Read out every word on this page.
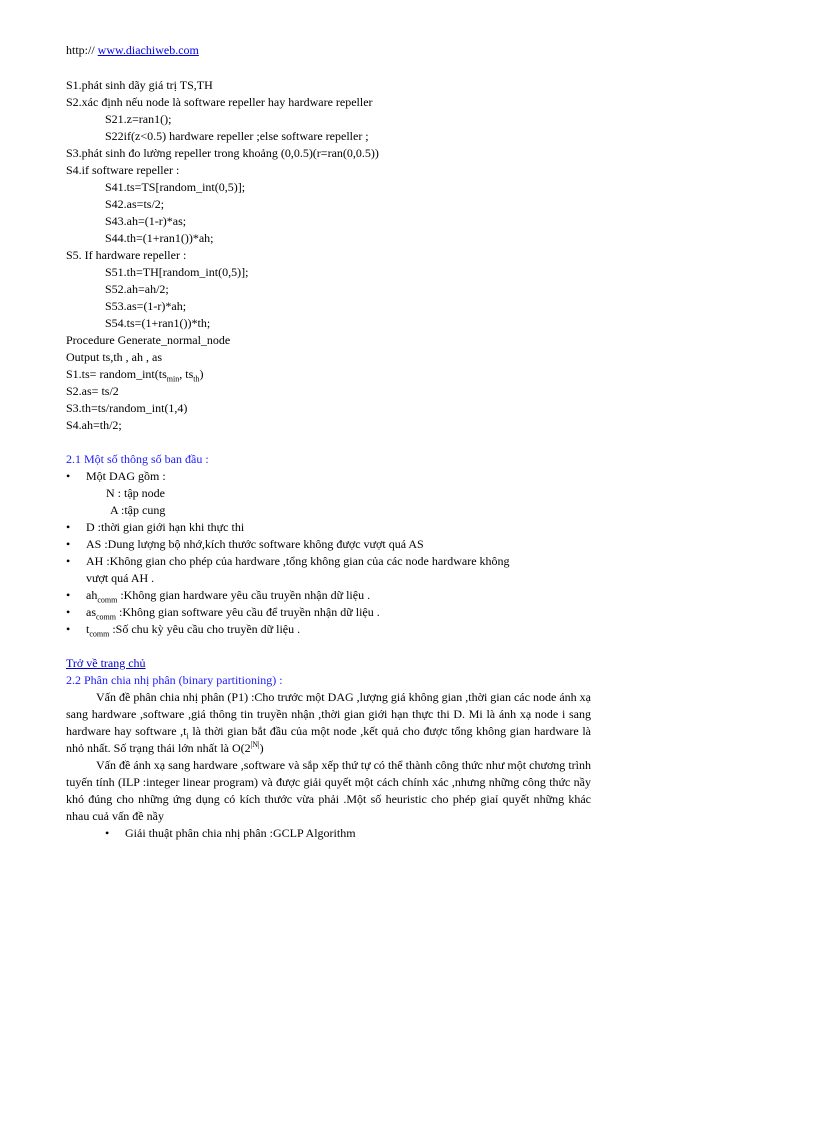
http:// www.diachiweb.com
S1.phát sinh dãy giá trị TS,TH
S2.xác định nếu node là software repeller hay hardware repeller
S21.z=ran1();
S22if(z<0.5) hardware repeller ;else software repeller ;
S3.phát sinh đo lường repeller trong khoảng (0,0.5)(r=ran(0,0.5))
S4.if software repeller :
S41.ts=TS[random_int(0,5)];
S42.as=ts/2;
S43.ah=(1-r)*as;
S44.th=(1+ran1())*ah;
S5. If hardware repeller :
S51.th=TH[random_int(0,5)];
S52.ah=ah/2;
S53.as=(1-r)*ah;
S54.ts=(1+ran1())*th;
Procedure Generate_normal_node
Output ts,th , ah , as
$S1.ts= random\_int(ts_{min}$, $ts_{th}$)
S2.as= ts/2
S3.th=ts/random_int(1,4)
S4.ah=th/2;
2.1 Một số thông số ban đầu :
• Một DAG gồm :
N : tập node
A :tập cung
• D :thời gian giới hạn khi thực thi
• AS :Dung lượng bộ nhớ,kích thước software không được vượt quá AS
• AH :Không gian cho phép của hardware ,tổng không gian của các node hardware không
vượt quá AH .
• $ah_{comm}$ :Không gian hardware yêu cầu truyền nhận dữ liệu .
• $as_{comm}$ :Không gian software yêu cầu để truyền nhận dữ liệu .
• $t_{comm}$ :Số chu kỳ yêu cầu cho truyền dữ liệu .
Trở về trang chủ
2.2 Phân chia nhị phân (binary partitioning) :
Vấn đề phân chia nhị phân (P1) :Cho trước một DAG ,lượng giá không gian ,thời gian các node ánh xạ sang hardware ,software ,giá thông tin truyền nhận ,thời gian giới hạn thực thi D. Mi là ánh xạ node i sang hardware hay software $,t_i$ là thời gian bắt đầu của một node ,kết quả cho được tổng không gian hardware là nhỏ nhất. Số trạng thái lớn nhất là $O(2^{|N|})$
Vấn đề ánh xạ sang hardware ,software và sắp xếp thứ tự có thể thành công thức như một chương trình tuyến tính (ILP :integer linear program) và được giải quyết một cách chính xác ,nhưng những công thức nầy khó đúng cho những ứng dụng có kích thước vừa phải .Một số heuristic cho phép giaỉ quyết những khác nhau cuả vấn đề nầy
• Giải thuật phân chia nhị phân :GCLP Algorithm
